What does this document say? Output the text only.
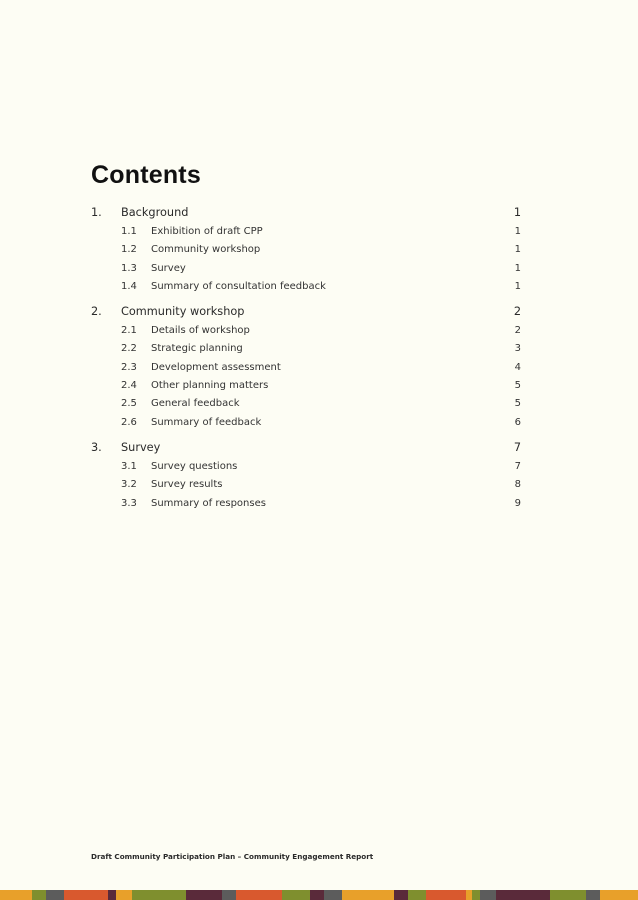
Contents
1.	Background	1
1.1	Exhibition of draft CPP	1
1.2	Community workshop	1
1.3	Survey	1
1.4	Summary of consultation feedback	1
2.	Community workshop	2
2.1	Details of workshop	2
2.2	Strategic planning	3
2.3	Development assessment	4
2.4	Other planning matters	5
2.5	General feedback	5
2.6	Summary of feedback	6
3.	Survey	7
3.1	Survey questions	7
3.2	Survey results	8
3.3	Summary of responses	9
Draft Community Participation Plan – Community Engagement Report
